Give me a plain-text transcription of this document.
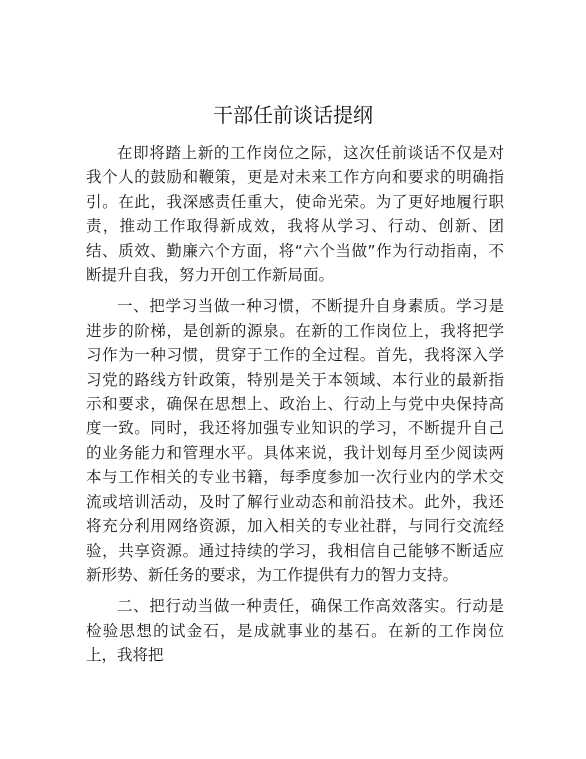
干部任前谈话提纲

在即将踏上新的工作岗位之际，这次任前谈话不仅是对我个人的鼓励和鞭策，更是对未来工作方向和要求的明确指引。在此，我深感责任重大，使命光荣。为了更好地履行职责，推动工作取得新成效，我将从学习、行动、创新、团结、质效、勤廉六个方面，将“六个当做”作为行动指南，不断提升自我，努力开创工作新局面。

一、把学习当做一种习惯，不断提升自身素质。学习是进步的阶梯，是创新的源泉。在新的工作岗位上，我将把学习作为一种习惯，贯穿于工作的全过程。首先，我将深入学习党的路线方针政策，特别是关于本领域、本行业的最新指示和要求，确保在思想上、政治上、行动上与党中央保持高度一致。同时，我还将加强专业知识的学习，不断提升自己的业务能力和管理水平。具体来说，我计划每月至少阅读两本与工作相关的专业书籍，每季度参加一次行业内的学术交流或培训活动，及时了解行业动态和前沿技术。此外，我还将充分利用网络资源，加入相关的专业社群，与同行交流经验，共享资源。通过持续的学习，我相信自己能够不断适应新形势、新任务的要求，为工作提供有力的智力支持。

二、把行动当做一种责任，确保工作高效落实。行动是检验思想的试金石，是成就事业的基石。在新的工作岗位上，我将把
